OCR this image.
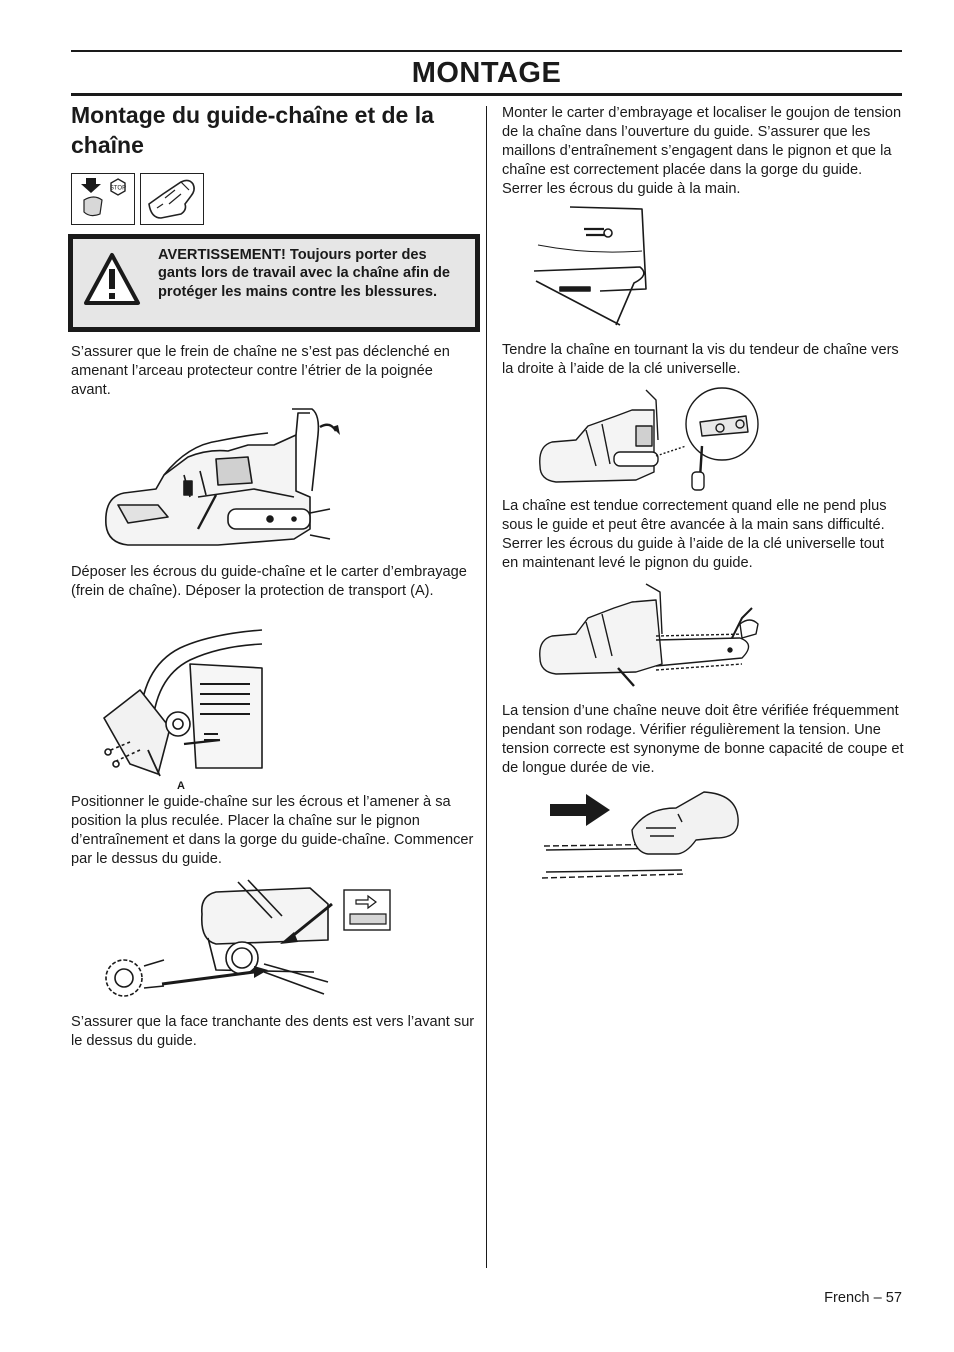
MONTAGE
Montage du guide-chaîne et de la chaîne
STOP
AVERTISSEMENT! Toujours porter des gants lors de travail avec la chaîne afin de protéger les mains contre les blessures.

S’assurer que le frein de chaîne ne s’est pas déclenché en amenant l’arceau protecteur contre l’étrier de la poignée avant.

Déposer les écrous du guide-chaîne et le carter d’embrayage (frein de chaîne). Déposer la protection de transport (A).

A

Positionner le guide-chaîne sur les écrous et l’amener à sa position la plus reculée. Placer la chaîne sur le pignon d’entraînement et dans la gorge du guide-chaîne. Commencer par le dessus du guide.

S’assurer que la face tranchante des dents est vers l’avant sur le dessus du guide.

Monter le carter d’embrayage et localiser le goujon de tension de la chaîne dans l’ouverture du guide. S’assurer que les maillons d’entraînement s’engagent dans le pignon et que la chaîne est correctement placée dans la gorge du guide. Serrer les écrous du guide à la main.

Tendre la chaîne en tournant la vis du tendeur de chaîne vers la droite à l’aide de la clé universelle.

La chaîne est tendue correctement quand elle ne pend plus sous le guide et peut être avancée à la main sans difficulté. Serrer les écrous du guide à l’aide de la clé universelle tout en maintenant levé le pignon du guide.

La tension d’une chaîne neuve doit être vérifiée fréquemment pendant son rodage. Vérifier régulièrement la tension. Une tension correcte est synonyme de bonne capacité de coupe et de longue durée de vie.

French – 57
